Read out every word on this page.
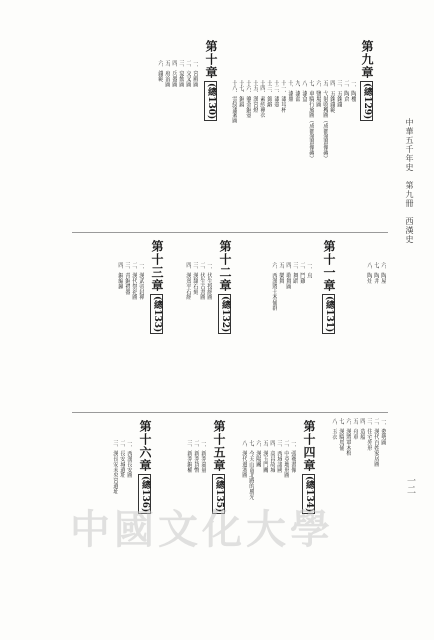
中華五千年史　第九冊　西漢史
一二
第九章(總129)
一、陶樓
二、陶倉
三、五銖錢
四、五銖錢範
五、弋射收穫圖（成都漢畫像磚）
六、鹽場圖
七、車騎行旅圖（成都漢畫像磚）
八、漆盒
九、漆奩
十、漆鼎
十一、漆耳杯
十二、漆壺
十三、錦緞
十四、素紗襌衣
十五、漢宮燈
十六、鎏金銅壺
十七、銅鏡
十八、雲紋漆案圖
第十章(總130)
一、宮殿圖
二、交叉圖
三、宴飲圖
四、兵器圖
五、府治圖
六、錢範
第十一章(總131)
六、陶屋
七、陶井
八、陶灶
一、烏
二、鬥雞
三、舞蹈
四、歌舞圖
五、樂舞
六、西漢將士木俑群
第十二章(總132)
一、伏生授經圖
二、伏生古書圖
三、漢隸石刻
四、漢熹平石經
第十三章(總133)
一、漢武帝封禪
二、漢代祭祀圖
三、青銅禮器
四、銅編鐘
一、姿勢圖
二、漢代百姓家居圖
三、住宅外形
四、造船
五、舟車
六、漢將軍木棺
七、漢騎馬俑
八、玉衣
第十四章(總134)
一、張騫畫像
二、中亞地形圖
三、西域諸國
四、高昌故城
五、漢玉門關
六、漢陽關
七、今天山南北路的風光
八、漢代邊塞圖
第十五章(總135)
一、新莽嘉量
二、新莽貨幣
三、新莽銅權
第十六章(總136)
一、西漢長安圖
二、長安城遺址
三、漢長安未央宮遺址
中國文化大學
